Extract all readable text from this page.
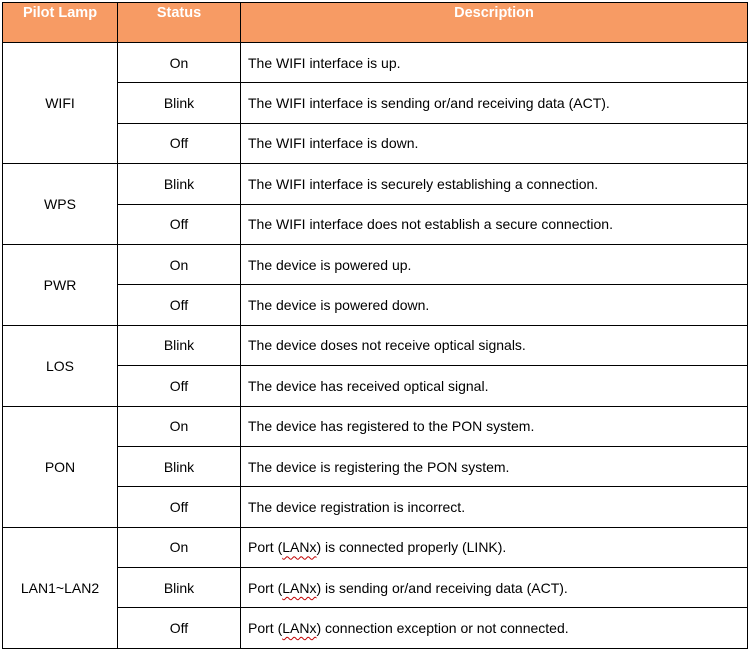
Pilot Lamp	Status	Description
WIFI	On	The WIFI interface is up.
	Blink	The WIFI interface is sending or/and receiving data (ACT).
	Off	The WIFI interface is down.
WPS	Blink	The WIFI interface is securely establishing a connection.
	Off	The WIFI interface does not establish a secure connection.
PWR	On	The device is powered up.
	Off	The device is powered down.
LOS	Blink	The device doses not receive optical signals.
	Off	The device has received optical signal.
PON	On	The device has registered to the PON system.
	Blink	The device is registering the PON system.
	Off	The device registration is incorrect.
LAN1~LAN2	On	Port (LANx) is connected properly (LINK).
	Blink	Port (LANx) is sending or/and receiving data (ACT).
	Off	Port (LANx) connection exception or not connected.
